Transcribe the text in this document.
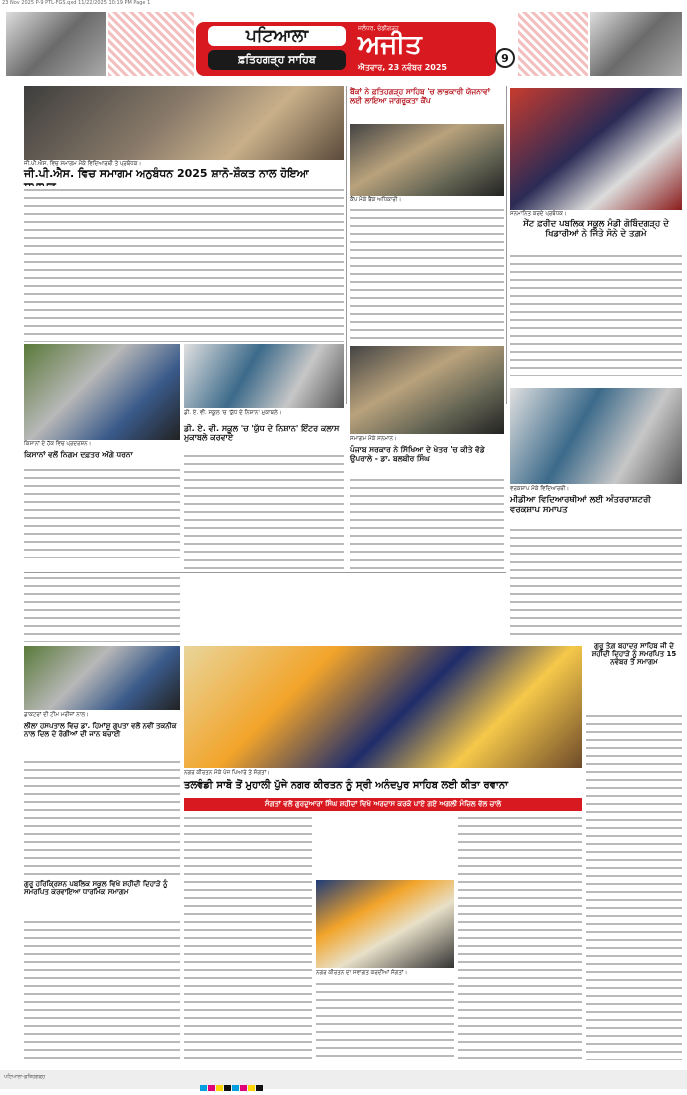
23 Nov 2025 P-9 PTL-FGS.qxd 11/22/2025 10:19 PM Page 1
ਪਟਿਆਲਾ
ਫ਼ਤਿਹਗੜ੍ਹ ਸਾਹਿਬ
ਜਲੰਧਰ, ਚੰਡੀਗੜ੍ਹ
ਅਜੀਤ
ਐਤਵਾਰ, 23 ਨਵੰਬਰ 2025
9
ਜੀ.ਪੀ.ਐਸ. ਵਿਚ ਸਮਾਗਮ ਮੌਕੇ ਵਿਦਿਆਰਥੀ ਤੇ ਪ੍ਰਬੰਧਕ।
ਜੀ.ਪੀ.ਐਸ. ਵਿਚ ਸਮਾਗਮ ਅਨੁਬੰਧਨ 2025 ਸ਼ਾਨੋ-ਸ਼ੌਕਤ ਨਾਲ ਹੋਇਆ
ਬੈਂਕਾਂ ਨੇ ਫ਼ਤਿਹਗੜ੍ਹ ਸਾਹਿਬ 'ਚ ਲਾਭਕਾਰੀ ਯੋਜਨਾਵਾਂ ਲਈ ਲਾਇਆ ਜਾਗਰੂਕਤਾ ਕੈਂਪ
ਕੈਂਪ ਮੌਕੇ ਬੈਂਕ ਅਧਿਕਾਰੀ।
ਸਨਮਾਨਿਤ ਕਰਦੇ ਪ੍ਰਬੰਧਕ।
ਸੇਂਟ ਫ਼ਰੀਦ ਪਬਲਿਕ ਸਕੂਲ ਮੰਡੀ ਗੋਬਿੰਦਗੜ੍ਹ ਦੇ ਖਿਡਾਰੀਆਂ ਨੇ ਜਿੱਤੇ ਸੋਨੇ ਦੇ ਤਗ਼ਮੇ
ਕਿਸਾਨਾਂ ਦੇ ਹੱਕ ਵਿਚ ਪ੍ਰਦਰਸ਼ਨ।
ਕਿਸਾਨਾਂ ਵਲੋਂ ਨਿਗਮ ਦਫ਼ਤਰ ਅੱਗੇ ਧਰਨਾ
ਡੀ. ਏ. ਵੀ. ਸਕੂਲ 'ਚ 'ਯੁੱਧ ਦੇ ਨਿਸ਼ਾਨ' ਮੁਕਾਬਲੇ।
ਡੀ. ਏ. ਵੀ. ਸਕੂਲ 'ਚ 'ਯੁੱਧ ਦੇ ਨਿਸ਼ਾਨ' ਇੰਟਰ ਕਲਾਸ ਮੁਕਾਬਲੇ ਕਰਵਾਏ	ਸਮਾਗਮ ਮੌਕੇ ਸਨਮਾਨ।
ਪੰਜਾਬ ਸਰਕਾਰ ਨੇ ਸਿੱਖਿਆ ਦੇ ਖੇਤਰ 'ਚ ਕੀਤੇ ਵੱਡੇ ਉਪਰਾਲੇ - ਡਾ. ਬਲਬੀਰ ਸਿੰਘ
ਵਰਕਸ਼ਾਪ ਮੌਕੇ ਵਿਦਿਆਰਥੀ।
ਮੀਡੀਆ ਵਿਦਿਆਰਥੀਆਂ ਲਈ ਅੰਤਰਰਾਸ਼ਟਰੀ ਵਰਕਸ਼ਾਪ ਸਮਾਪਤ
ਡਾਕਟਰਾਂ ਦੀ ਟੀਮ ਮਰੀਜ਼ਾਂ ਨਾਲ।
ਲੀਲਾ ਹਸਪਤਾਲ ਵਿਚ ਡਾ. ਹਿਮਾਂਸ਼ੂ ਗੁਪਤਾ ਵਲੋਂ ਨਵੀਂ ਤਕਨੀਕ ਨਾਲ ਦਿਲ ਦੇ ਰੋਗੀਆਂ ਦੀ ਜਾਨ ਬਚਾਈ
ਗੁਰੂ ਤੇਗ਼ ਬਹਾਦਰ ਸਾਹਿਬ ਜੀ ਦੇ ਸ਼ਹੀਦੀ ਦਿਹਾੜੇ ਨੂੰ ਸਮਰਪਿਤ 15 ਨਵੰਬਰ ਤੋਂ ਸਮਾਗਮ
ਗੁਰੂ ਹਰਿਕ੍ਰਿਸ਼ਨ ਪਬਲਿਕ ਸਕੂਲ ਵਿਖੇ ਸ਼ਹੀਦੀ ਦਿਹਾੜੇ ਨੂੰ ਸਮਰਪਿਤ ਕਰਵਾਇਆ ਧਾਰਮਿਕ ਸਮਾਗਮ
ਨਗਰ ਕੀਰਤਨ ਮੌਕੇ ਪੰਜ ਪਿਆਰੇ ਤੇ ਸੰਗਤਾਂ।
ਤਲਵੰਡੀ ਸਾਬੋ ਤੋਂ ਮੁਹਾਲੀ ਪੁੱਜੇ ਨਗਰ ਕੀਰਤਨ ਨੂੰ ਸ੍ਰੀ ਅਨੰਦਪੁਰ ਸਾਹਿਬ ਲਈ ਕੀਤਾ ਰਵਾਨਾ
ਸੰਗਤਾਂ ਵਲੋਂ ਗੁਰਦੁਆਰਾ ਸਿੰਘ ਸ਼ਹੀਦਾਂ ਵਿਖੇ ਅਰਦਾਸ ਕਰਕੇ ਪਾਏ ਗਏ ਅਗਲੀ ਮੰਜ਼ਿਲ ਵੱਲ ਚਾਲੇ
ਨਗਰ ਕੀਰਤਨ ਦਾ ਸਵਾਗਤ ਕਰਦੀਆਂ ਸੰਗਤਾਂ।
ਪਟਿਆਲਾ-ਫ਼ਤਿਹਗੜ੍ਹ
